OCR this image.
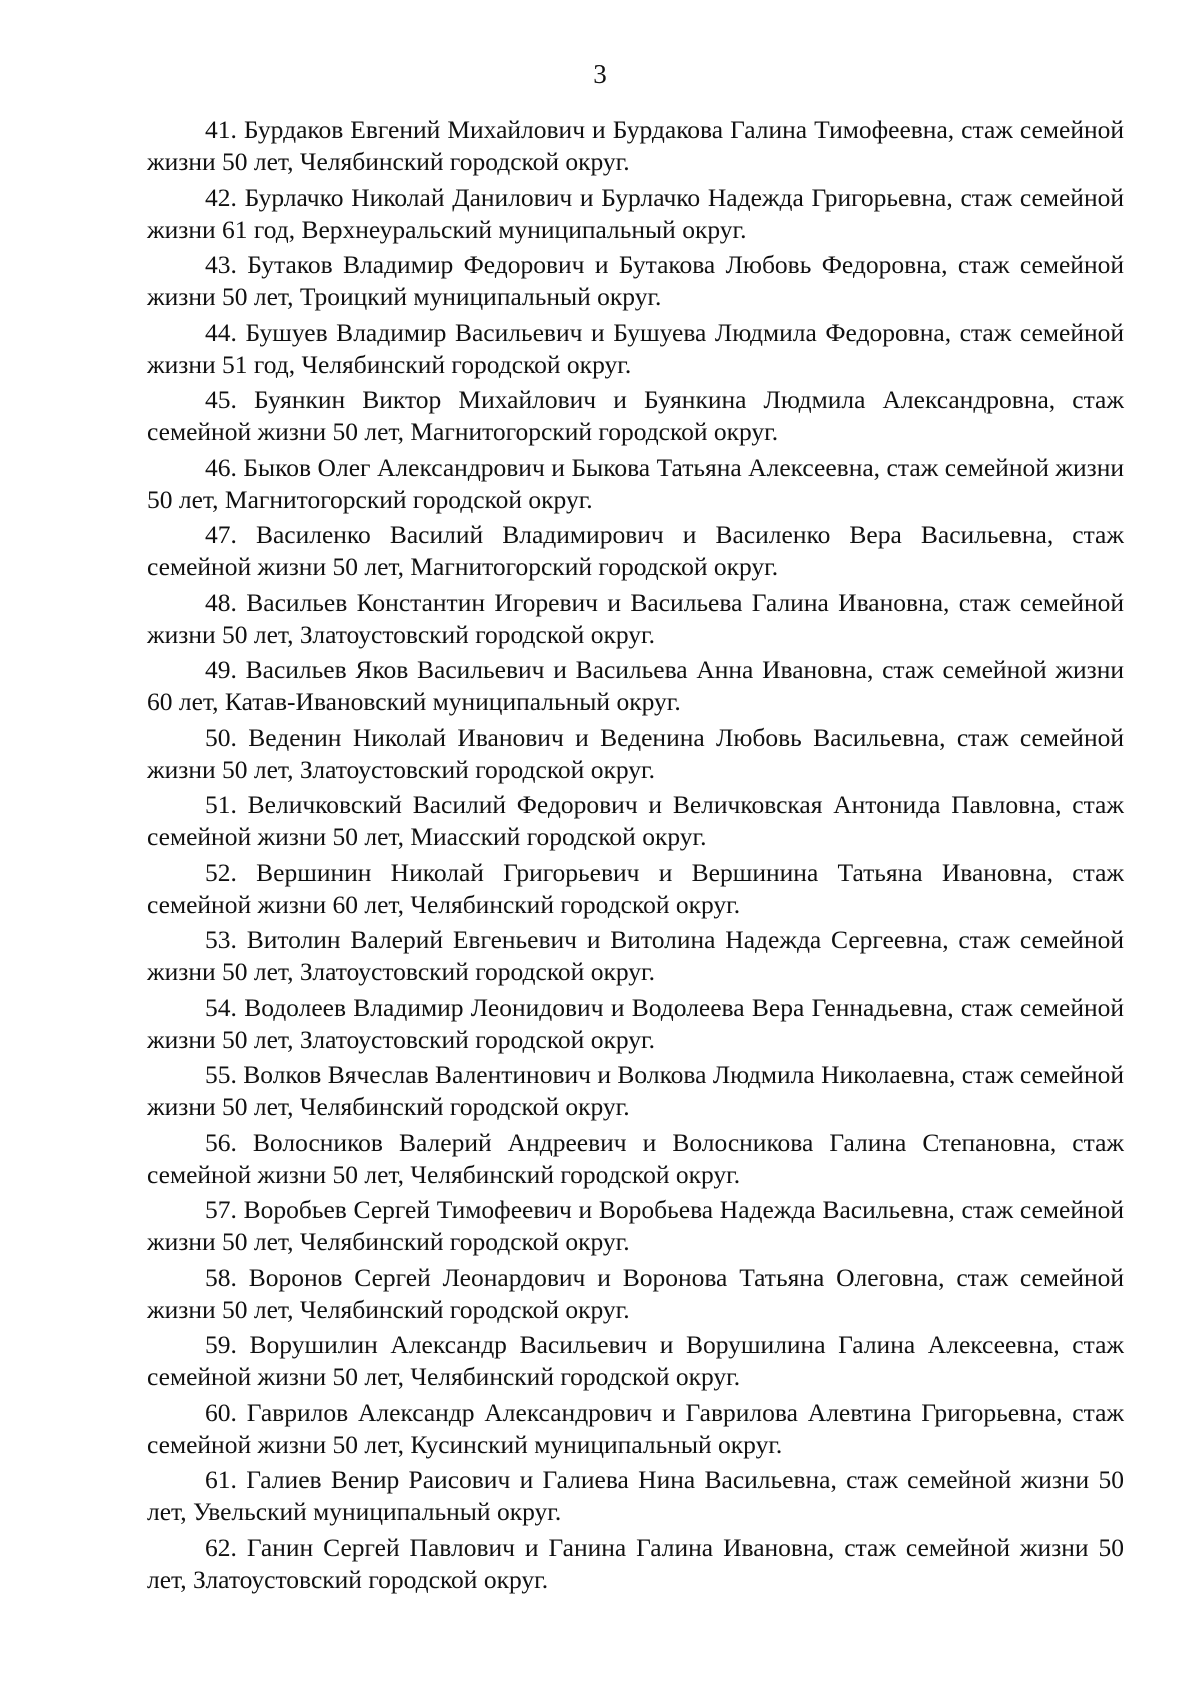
3
41. Бурдаков Евгений Михайлович и Бурдакова Галина Тимофеевна, стаж семейной жизни 50 лет, Челябинский городской округ.
42. Бурлачко Николай Данилович и Бурлачко Надежда Григорьевна, стаж семейной жизни 61 год, Верхнеуральский муниципальный округ.
43. Бутаков Владимир Федорович и Бутакова Любовь Федоровна, стаж семейной жизни 50 лет, Троицкий муниципальный округ.
44. Бушуев Владимир Васильевич и Бушуева Людмила Федоровна, стаж семейной жизни 51 год, Челябинский городской округ.
45. Буянкин Виктор Михайлович и Буянкина Людмила Александровна, стаж семейной жизни 50 лет, Магнитогорский городской округ.
46. Быков Олег Александрович и Быкова Татьяна Алексеевна, стаж семейной жизни 50 лет, Магнитогорский городской округ.
47. Василенко Василий Владимирович и Василенко Вера Васильевна, стаж семейной жизни 50 лет, Магнитогорский городской округ.
48. Васильев Константин Игоревич и Васильева Галина Ивановна, стаж семейной жизни 50 лет, Златоустовский городской округ.
49. Васильев Яков Васильевич и Васильева Анна Ивановна, стаж семейной жизни 60 лет, Катав-Ивановский муниципальный округ.
50. Веденин Николай Иванович и Веденина Любовь Васильевна, стаж семейной жизни 50 лет, Златоустовский городской округ.
51. Величковский Василий Федорович и Величковская Антонида Павловна, стаж семейной жизни 50 лет, Миасский городской округ.
52. Вершинин Николай Григорьевич и Вершинина Татьяна Ивановна, стаж семейной жизни 60 лет, Челябинский городской округ.
53. Витолин Валерий Евгеньевич и Витолина Надежда Сергеевна, стаж семейной жизни 50 лет, Златоустовский городской округ.
54. Водолеев Владимир Леонидович и Водолеева Вера Геннадьевна, стаж семейной жизни 50 лет, Златоустовский городской округ.
55. Волков Вячеслав Валентинович и Волкова Людмила Николаевна, стаж семейной жизни 50 лет, Челябинский городской округ.
56. Волосников Валерий Андреевич и Волосникова Галина Степановна, стаж семейной жизни 50 лет, Челябинский городской округ.
57. Воробьев Сергей Тимофеевич и Воробьева Надежда Васильевна, стаж семейной жизни 50 лет, Челябинский городской округ.
58. Воронов Сергей Леонардович и Воронова Татьяна Олеговна, стаж семейной жизни 50 лет, Челябинский городской округ.
59. Ворушилин Александр Васильевич и Ворушилина Галина Алексеевна, стаж семейной жизни 50 лет, Челябинский городской округ.
60. Гаврилов Александр Александрович и Гаврилова Алевтина Григорьевна, стаж семейной жизни 50 лет, Кусинский муниципальный округ.
61. Галиев Венир Раисович и Галиева Нина Васильевна, стаж семейной жизни 50 лет, Увельский муниципальный округ.
62. Ганин Сергей Павлович и Ганина Галина Ивановна, стаж семейной жизни 50 лет, Златоустовский городской округ.
